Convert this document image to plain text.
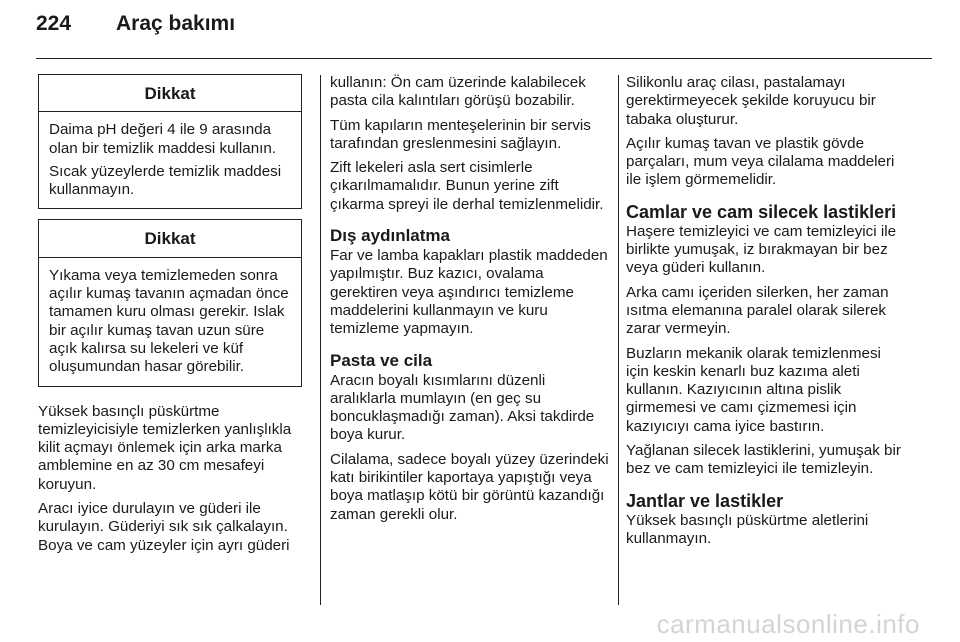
224	Araç bakımı
Dikkat

Daima pH değeri 4 ile 9 arasında olan bir temizlik maddesi kullanın.

Sıcak yüzeylerde temizlik maddesi kullanmayın.

Dikkat

Yıkama veya temizlemeden sonra açılır kumaş tavanın açmadan önce tamamen kuru olması gerekir. Islak bir açılır kumaş tavan uzun süre açık kalırsa su lekeleri ve küf oluşumundan hasar görebilir.

Yüksek basınçlı püskürtme temizleyicisiyle temizlerken yanlışlıkla kilit açmayı önlemek için arka marka amblemine en az 30 cm mesafeyi koruyun.

Aracı iyice durulayın ve güderi ile kurulayın. Güderiyi sık sık çalkalayın. Boya ve cam yüzeyler için ayrı güderi

kullanın: Ön cam üzerinde kalabilecek pasta cila kalıntıları görüşü bozabilir.

Tüm kapıların menteşelerinin bir servis tarafından greslenmesini sağlayın.

Zift lekeleri asla sert cisimlerle çıkarılmamalıdır. Bunun yerine zift çıkarma spreyi ile derhal temizlenmelidir.

Dış aydınlatma

Far ve lamba kapakları plastik maddeden yapılmıştır. Buz kazıcı, ovalama gerektiren veya aşındırıcı temizleme maddelerini kullanmayın ve kuru temizleme yapmayın.

Pasta ve cila

Aracın boyalı kısımlarını düzenli aralıklarla mumlayın (en geç su boncuklaşmadığı zaman). Aksi takdirde boya kurur.

Cilalama, sadece boyalı yüzey üzerindeki katı birikintiler kaportaya yapıştığı veya boya matlaşıp kötü bir görüntü kazandığı zaman gerekli olur.

Silikonlu araç cilası, pastalamayı gerektirmeyecek şekilde koruyucu bir tabaka oluşturur.

Açılır kumaş tavan ve plastik gövde parçaları, mum veya cilalama maddeleri ile işlem görmemelidir.

Camlar ve cam silecek lastikleri

Haşere temizleyici ve cam temizleyici ile birlikte yumuşak, iz bırakmayan bir bez veya güderi kullanın.

Arka camı içeriden silerken, her zaman ısıtma elemanına paralel olarak silerek zarar vermeyin.

Buzların mekanik olarak temizlenmesi için keskin kenarlı buz kazıma aleti kullanın. Kazıyıcının altına pislik girmemesi ve camı çizmemesi için kazıyıcıyı cama iyice bastırın.

Yağlanan silecek lastiklerini, yumuşak bir bez ve cam temizleyici ile temizleyin.

Jantlar ve lastikler

Yüksek basınçlı püskürtme aletlerini kullanmayın.

carmanualsonline.info
